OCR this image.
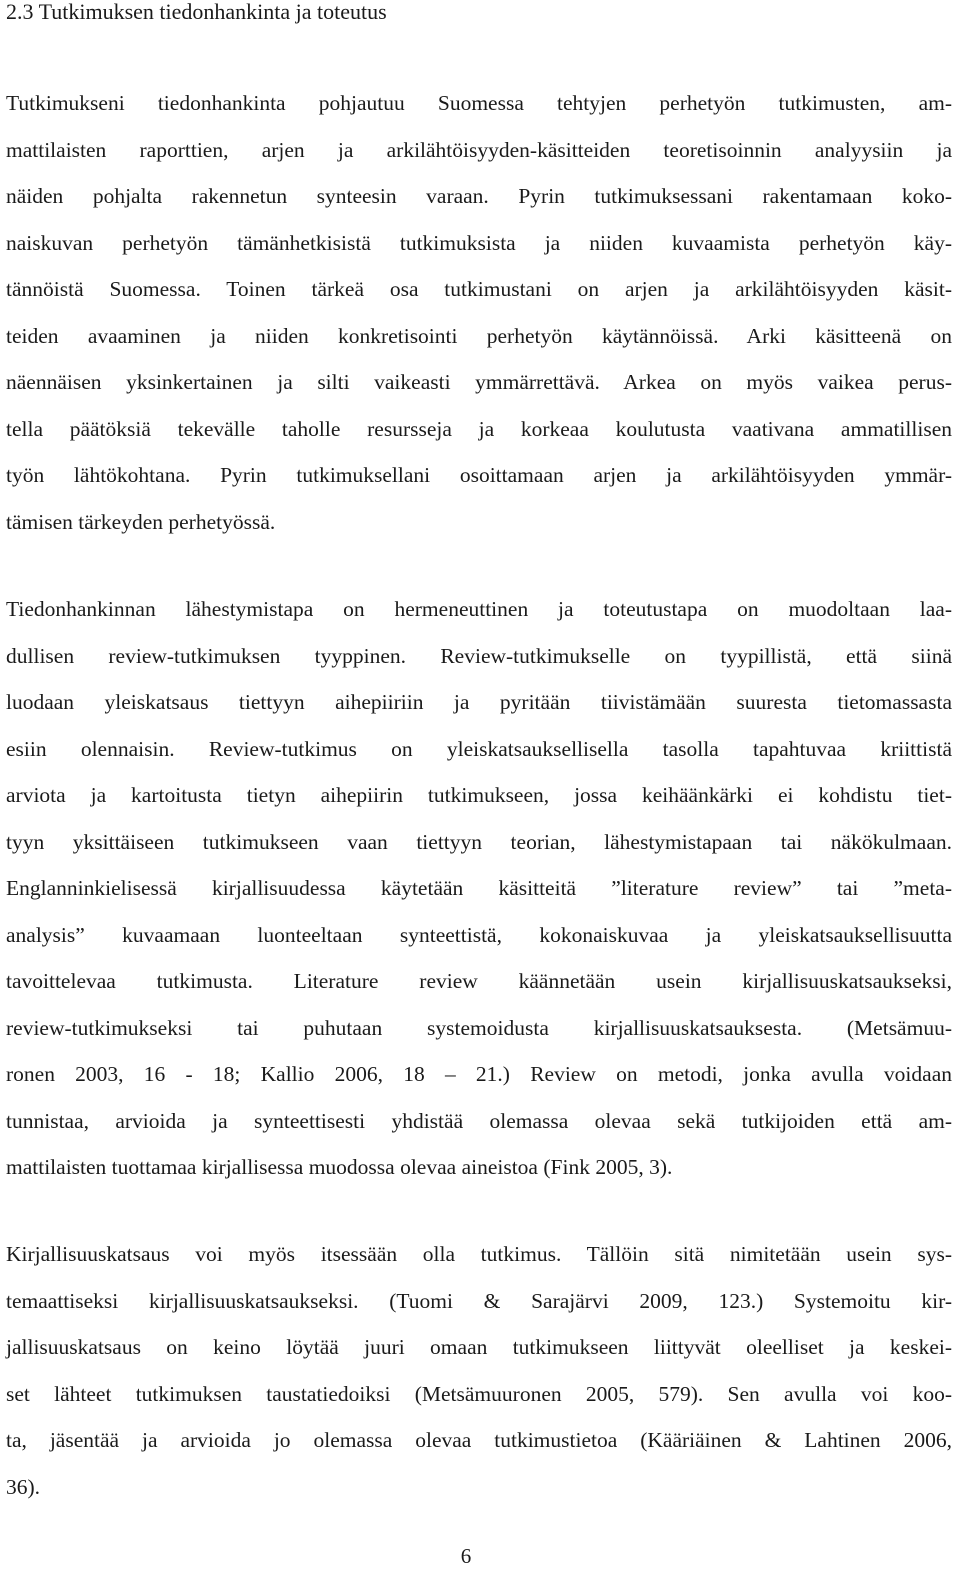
2.3 Tutkimuksen tiedonhankinta ja toteutus
Tutkimukseni tiedonhankinta pohjautuu Suomessa tehtyjen perhetyön tutkimusten, am-
mattilaisten raporttien, arjen ja arkilähtöisyyden-käsitteiden teoretisoinnin analyysiin ja
näiden pohjalta rakennetun synteesin varaan. Pyrin tutkimuksessani rakentamaan koko-
naiskuvan perhetyön tämänhetkisistä tutkimuksista ja niiden kuvaamista perhetyön käy-
tännöistä Suomessa. Toinen tärkeä osa tutkimustani on arjen ja arkilähtöisyyden käsit-
teiden avaaminen ja niiden konkretisointi perhetyön käytännöissä. Arki käsitteenä on
näennäisen yksinkertainen ja silti vaikeasti ymmärrettävä. Arkea on myös vaikea perus-
tella päätöksiä tekevälle taholle resursseja ja korkeaa koulutusta vaativana ammatillisen
työn lähtökohtana. Pyrin tutkimuksellani osoittamaan arjen ja arkilähtöisyyden ymmär-
tämisen tärkeyden perhetyössä.
Tiedonhankinnan lähestymistapa on hermeneuttinen ja toteutustapa on muodoltaan laa-
dullisen review-tutkimuksen tyyppinen. Review-tutkimukselle on tyypillistä, että siinä
luodaan yleiskatsaus tiettyyn aihepiiriin ja pyritään tiivistämään suuresta tietomassasta
esiin olennaisin. Review-tutkimus on yleiskatsauksellisella tasolla tapahtuvaa kriittistä
arviota ja kartoitusta tietyn aihepiirin tutkimukseen, jossa keihäänkärki ei kohdistu tiet-
tyyn yksittäiseen tutkimukseen vaan tiettyyn teorian, lähestymistapaan tai näkökulmaan.
Englanninkielisessä kirjallisuudessa käytetään käsitteitä ”literature review” tai ”meta-
analysis” kuvaamaan luonteeltaan synteettistä, kokonaiskuvaa ja yleiskatsauksellisuutta
tavoittelevaa tutkimusta. Literature review käännetään usein kirjallisuuskatsaukseksi,
review-tutkimukseksi tai puhutaan systemoidusta kirjallisuuskatsauksesta. (Metsämuu-
ronen 2003, 16 - 18; Kallio 2006, 18 – 21.) Review on metodi, jonka avulla voidaan
tunnistaa, arvioida ja synteettisesti yhdistää olemassa olevaa sekä tutkijoiden että am-
mattilaisten tuottamaa kirjallisessa muodossa olevaa aineistoa (Fink 2005, 3).
Kirjallisuuskatsaus voi myös itsessään olla tutkimus. Tällöin sitä nimitetään usein sys-
temaattiseksi kirjallisuuskatsaukseksi. (Tuomi & Sarajärvi 2009, 123.) Systemoitu kir-
jallisuuskatsaus on keino löytää juuri omaan tutkimukseen liittyvät oleelliset ja keskei-
set lähteet tutkimuksen taustatiedoiksi (Metsämuuronen 2005, 579). Sen avulla voi koo-
ta, jäsentää ja arvioida jo olemassa olevaa tutkimustietoa (Kääriäinen & Lahtinen 2006,
36).
6
